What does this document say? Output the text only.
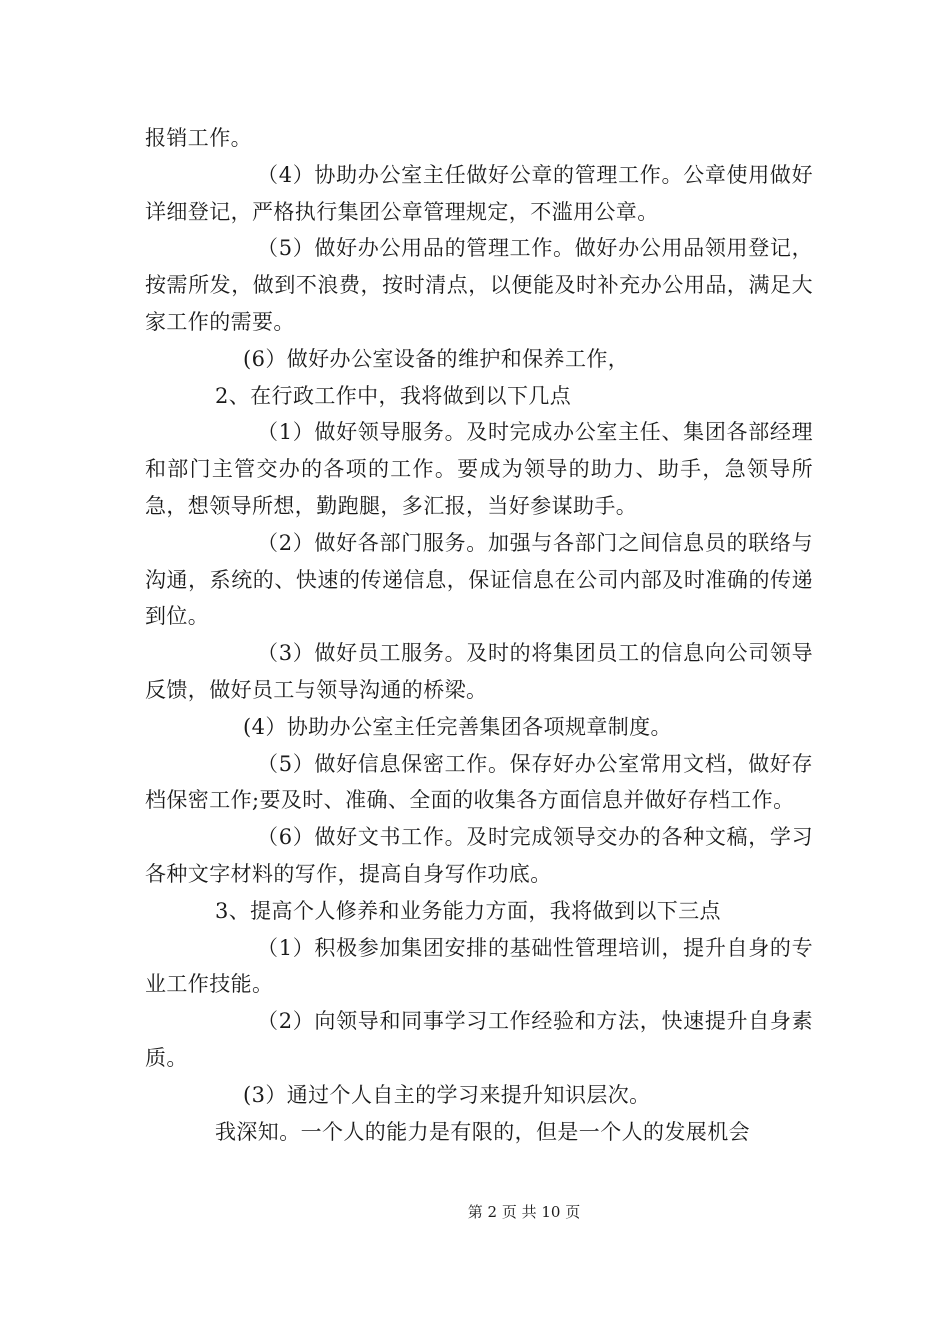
报销工作。

（4）协助办公室主任做好公章的管理工作。公章使用做好详细登记，严格执行集团公章管理规定，不滥用公章。

（5）做好办公用品的管理工作。做好办公用品领用登记，按需所发，做到不浪费，按时清点，以便能及时补充办公用品，满足大家工作的需要。

(6）做好办公室设备的维护和保养工作，

2、在行政工作中，我将做到以下几点

（1）做好领导服务。及时完成办公室主任、集团各部经理和部门主管交办的各项的工作。要成为领导的助力、助手，急领导所急，想领导所想，勤跑腿，多汇报，当好参谋助手。

（2）做好各部门服务。加强与各部门之间信息员的联络与沟通，系统的、快速的传递信息，保证信息在公司内部及时准确的传递到位。

（3）做好员工服务。及时的将集团员工的信息向公司领导反馈，做好员工与领导沟通的桥梁。

(4）协助办公室主任完善集团各项规章制度。

（5）做好信息保密工作。保存好办公室常用文档，做好存档保密工作;要及时、准确、全面的收集各方面信息并做好存档工作。

（6）做好文书工作。及时完成领导交办的各种文稿，学习各种文字材料的写作，提高自身写作功底。

3、提高个人修养和业务能力方面，我将做到以下三点

（1）积极参加集团安排的基础性管理培训，提升自身的专业工作技能。

（2）向领导和同事学习工作经验和方法，快速提升自身素质。

(3）通过个人自主的学习来提升知识层次。

我深知。一个人的能力是有限的，但是一个人的发展机会

第 2 页 共 10 页
